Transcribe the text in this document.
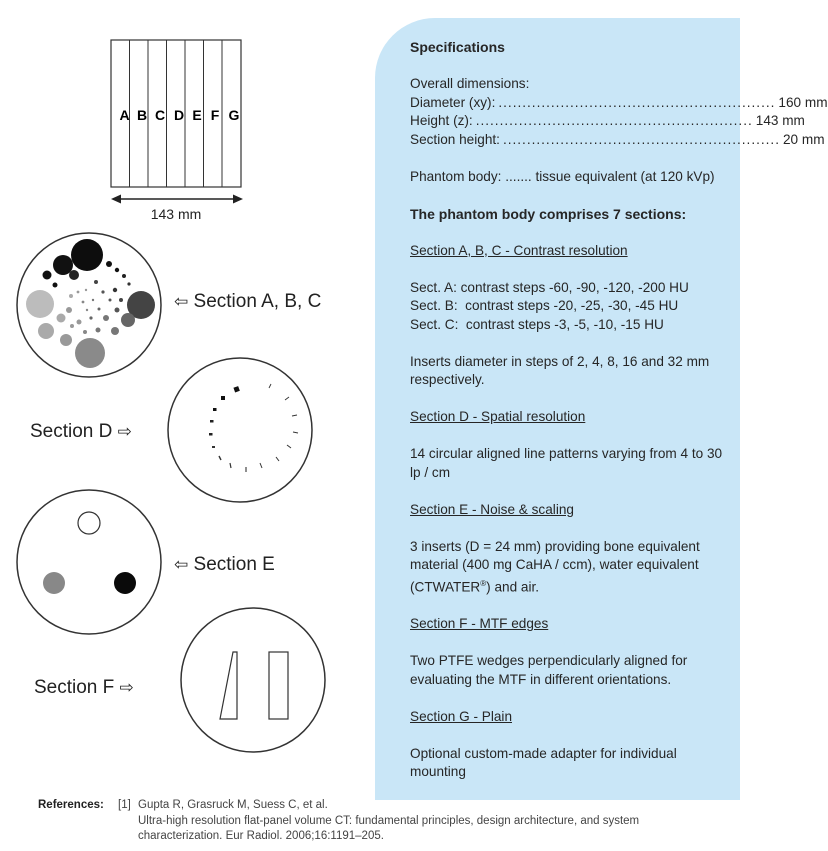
A B C D E F G
143 mm
⇦ Section A, B, C
Section D ⇨
⇦ Section E
Section F ⇨

Specifications

Overall dimensions:

Diameter (xy): .......................................................... 160 mm
Height (z): .......................................................... 143 mm
Section height: .......................................................... 20 mm

Phantom body: ....... tissue equivalent (at 120 kVp)

The phantom body comprises 7 sections:

Section A, B, C - Contrast resolution

Sect. A: contrast steps -60, -90, -120, -200 HU

Sect. B:  contrast steps -20, -25, -30, -45 HU

Sect. C:  contrast steps -3, -5, -10, -15 HU

Inserts diameter in steps of 2, 4, 8, 16 and 32 mm respectively.

Section D - Spatial resolution

14 circular aligned line patterns varying from 4 to 30 lp / cm

Section E - Noise & scaling

3 inserts (D = 24 mm) providing bone equivalent material (400 mg CaHA / ccm), water equivalent (CTWATER®) and air.

Section F - MTF edges

Two PTFE wedges perpendicularly aligned for evaluating the MTF in different orientations.

Section G - Plain

Optional custom-made adapter for individual mounting

References:	[1] Gupta R, Grasruck M, Suess C, et al.
Ultra-high resolution flat-panel volume CT: fundamental principles, design architecture, and system
characterization. Eur Radiol. 2006;16:1191–205.
